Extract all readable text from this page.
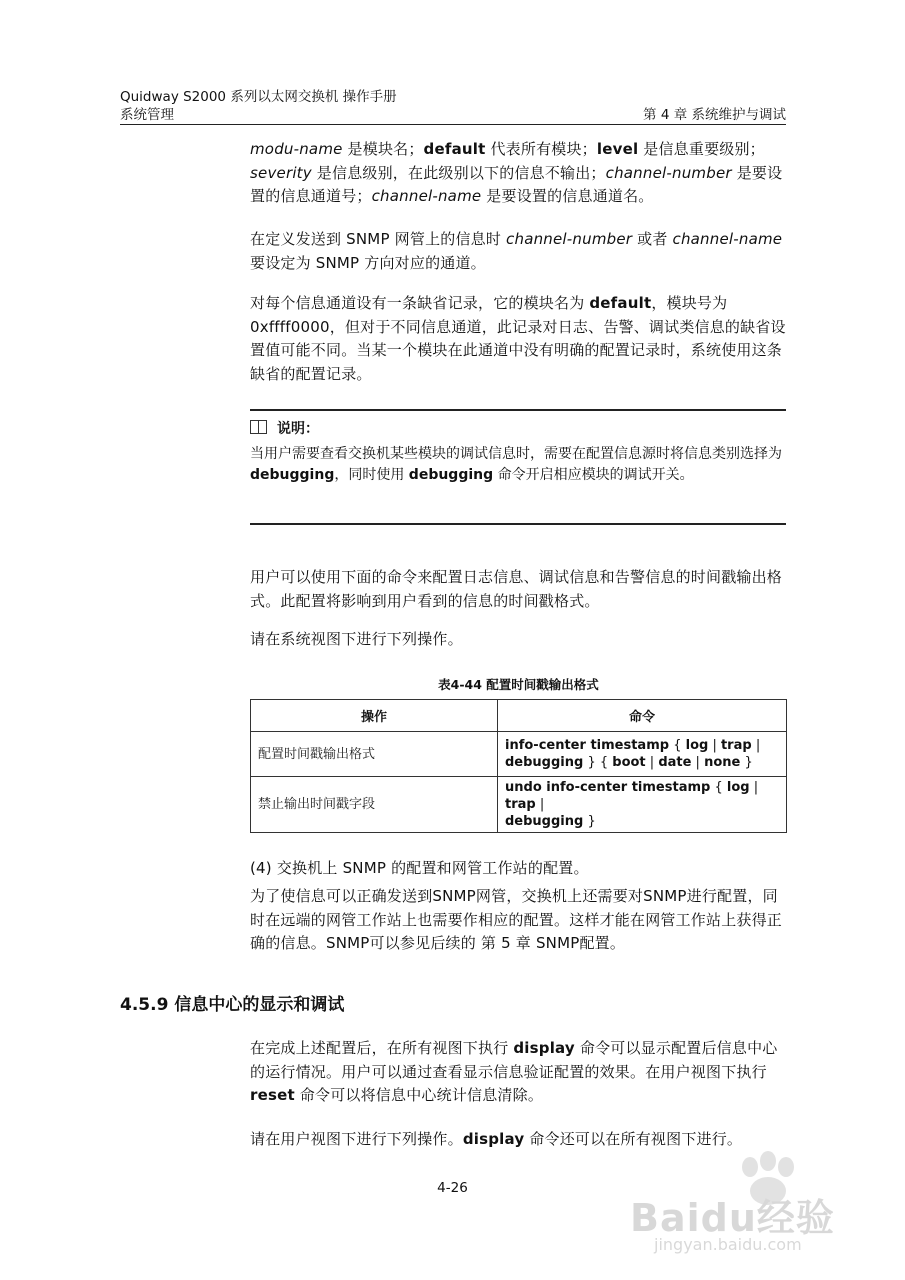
Quidway S2000 系列以太网交换机 操作手册
系统管理	第 4 章 系统维护与调试

modu-name 是模块名；default 代表所有模块；level 是信息重要级别；severity 是信息级别，在此级别以下的信息不输出；channel-number 是要设置的信息通道号；channel-name 是要设置的信息通道名。

在定义发送到 SNMP 网管上的信息时 channel-number 或者 channel-name 要设定为 SNMP 方向对应的通道。

对每个信息通道设有一条缺省记录，它的模块名为 default，模块号为 0xffff0000，但对于不同信息通道，此记录对日志、告警、调试类信息的缺省设置值可能不同。当某一个模块在此通道中没有明确的配置记录时，系统使用这条缺省的配置记录。

说明：
当用户需要查看交换机某些模块的调试信息时，需要在配置信息源时将信息类别选择为 debugging，同时使用 debugging 命令开启相应模块的调试开关。
用户可以使用下面的命令来配置日志信息、调试信息和告警信息的时间戳输出格式。此配置将影响到用户看到的信息的时间戳格式。
请在系统视图下进行下列操作。
表4-44 配置时间戳输出格式
操作	命令
配置时间戳输出格式	info-center timestamp { log | trap |
debugging } { boot | date | none }
禁止输出时间戳字段	undo info-center timestamp { log | trap |
debugging }
(4) 交换机上 SNMP 的配置和网管工作站的配置。
为了使信息可以正确发送到SNMP网管，交换机上还需要对SNMP进行配置，同时在远端的网管工作站上也需要作相应的配置。这样才能在网管工作站上获得正确的信息。SNMP可以参见后续的 第 5 章 SNMP配置。
4.5.9 信息中心的显示和调试

在完成上述配置后，在所有视图下执行 display 命令可以显示配置后信息中心的运行情况。用户可以通过查看显示信息验证配置的效果。在用户视图下执行 reset 命令可以将信息中心统计信息清除。

请在用户视图下进行下列操作。display 命令还可以在所有视图下进行。

4-26
Baidu经验
jingyan.baidu.com
